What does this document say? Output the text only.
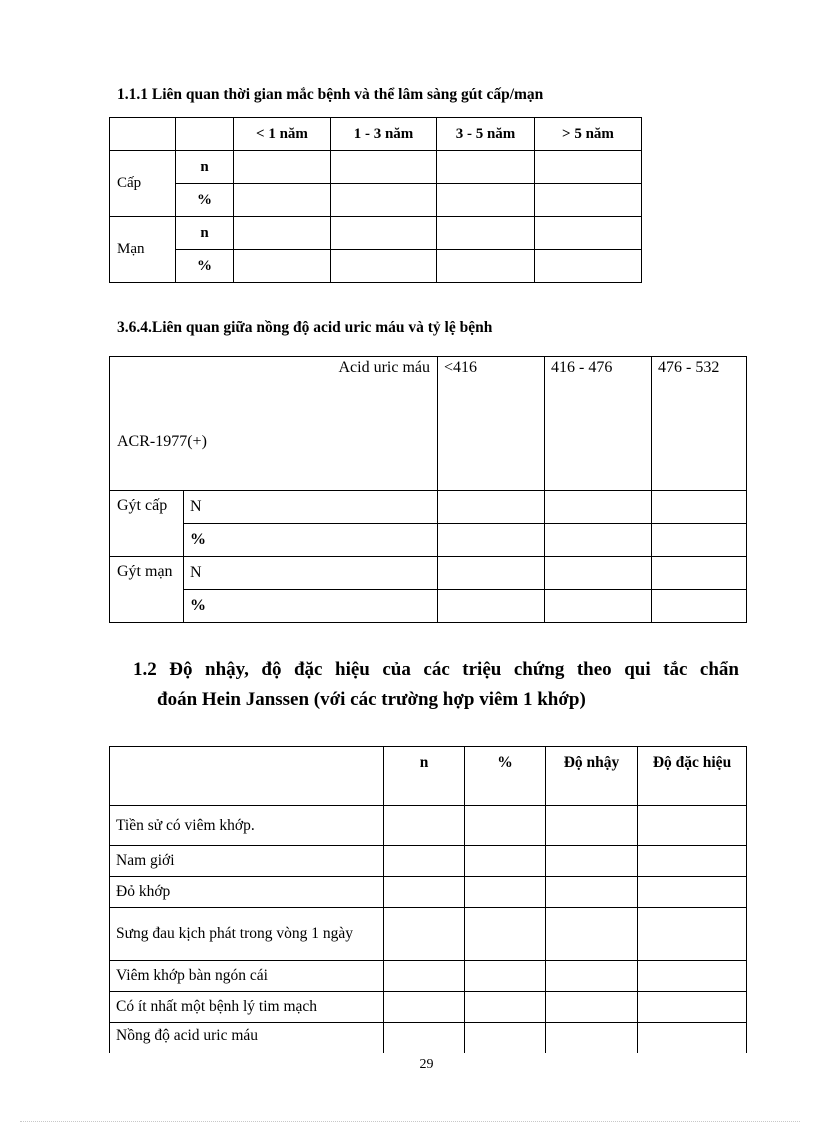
1.1.1 Liên quan thời gian mắc bệnh và thể lâm sàng gút cấp/mạn

		< 1 năm	1 - 3 năm	3 - 5 năm	> 5 năm
Cấp	n				
	%				
Mạn	n				
	%				

3.6.4.Liên quan giữa nồng độ acid uric máu và tỷ lệ bệnh

Acid uric máu
ACR-1977(+)		<416	416 - 476	476 - 532
Gýt cấp	N			
	%			
Gýt mạn	N			
	%			

1.2 Độ nhậy, độ đặc hiệu của các triệu chứng theo qui tắc chẩn

đoán Hein Janssen (với các trường hợp viêm 1 khớp)

	n	%	Độ nhậy	Độ đặc hiệu
Tiền sử có viêm khớp.				
Nam giới				
Đỏ khớp				
Sưng đau kịch phát trong vòng 1 ngày				
Viêm khớp bàn ngón cái				
Có ít nhất một bệnh lý tim mạch				
Nồng độ acid uric máu				
29
